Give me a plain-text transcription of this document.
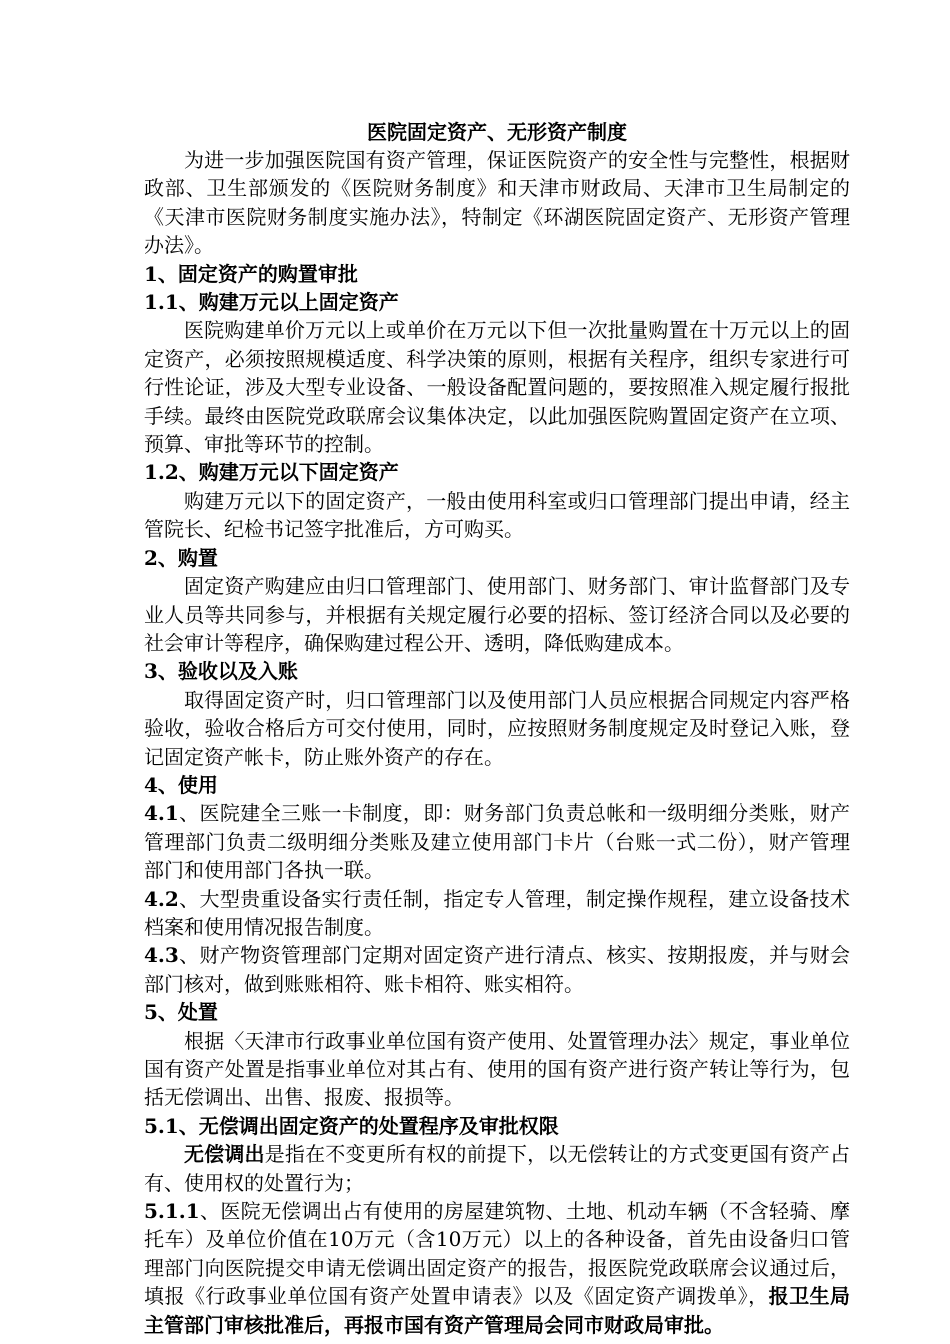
医院固定资产、无形资产制度

为进一步加强医院国有资产管理，保证医院资产的安全性与完整性，根据财政部、卫生部颁发的《医院财务制度》和天津市财政局、天津市卫生局制定的《天津市医院财务制度实施办法》，特制定《环湖医院固定资产、无形资产管理办法》。

1、固定资产的购置审批

1.1、购建万元以上固定资产

医院购建单价万元以上或单价在万元以下但一次批量购置在十万元以上的固定资产，必须按照规模适度、科学决策的原则，根据有关程序，组织专家进行可行性论证，涉及大型专业设备、一般设备配置问题的，要按照准入规定履行报批手续。最终由医院党政联席会议集体决定，以此加强医院购置固定资产在立项、预算、审批等环节的控制。

1.2、购建万元以下固定资产

购建万元以下的固定资产，一般由使用科室或归口管理部门提出申请，经主管院长、纪检书记签字批准后，方可购买。

2、购置

固定资产购建应由归口管理部门、使用部门、财务部门、审计监督部门及专业人员等共同参与，并根据有关规定履行必要的招标、签订经济合同以及必要的社会审计等程序，确保购建过程公开、透明，降低购建成本。

3、验收以及入账

取得固定资产时，归口管理部门以及使用部门人员应根据合同规定内容严格验收，验收合格后方可交付使用，同时，应按照财务制度规定及时登记入账，登记固定资产帐卡，防止账外资产的存在。

4、使用

4.1、医院建全三账一卡制度，即：财务部门负责总帐和一级明细分类账，财产管理部门负责二级明细分类账及建立使用部门卡片（台账一式二份），财产管理部门和使用部门各执一联。

4.2、大型贵重设备实行责任制，指定专人管理，制定操作规程，建立设备技术档案和使用情况报告制度。

4.3、财产物资管理部门定期对固定资产进行清点、核实、按期报废，并与财会部门核对，做到账账相符、账卡相符、账实相符。

5、处置

根据〈天津市行政事业单位国有资产使用、处置管理办法〉规定，事业单位国有资产处置是指事业单位对其占有、使用的国有资产进行资产转让等行为，包括无偿调出、出售、报废、报损等。

5.1、无偿调出固定资产的处置程序及审批权限

无偿调出是指在不变更所有权的前提下，以无偿转让的方式变更国有资产占有、使用权的处置行为；

5.1.1、医院无偿调出占有使用的房屋建筑物、土地、机动车辆（不含轻骑、摩托车）及单位价值在10万元（含10万元）以上的各种设备，首先由设备归口管理部门向医院提交申请无偿调出固定资产的报告，报医院党政联席会议通过后，填报《行政事业单位国有资产处置申请表》以及《固定资产调拨单》，报卫生局主管部门审核批准后，再报市国有资产管理局会同市财政局审批。
